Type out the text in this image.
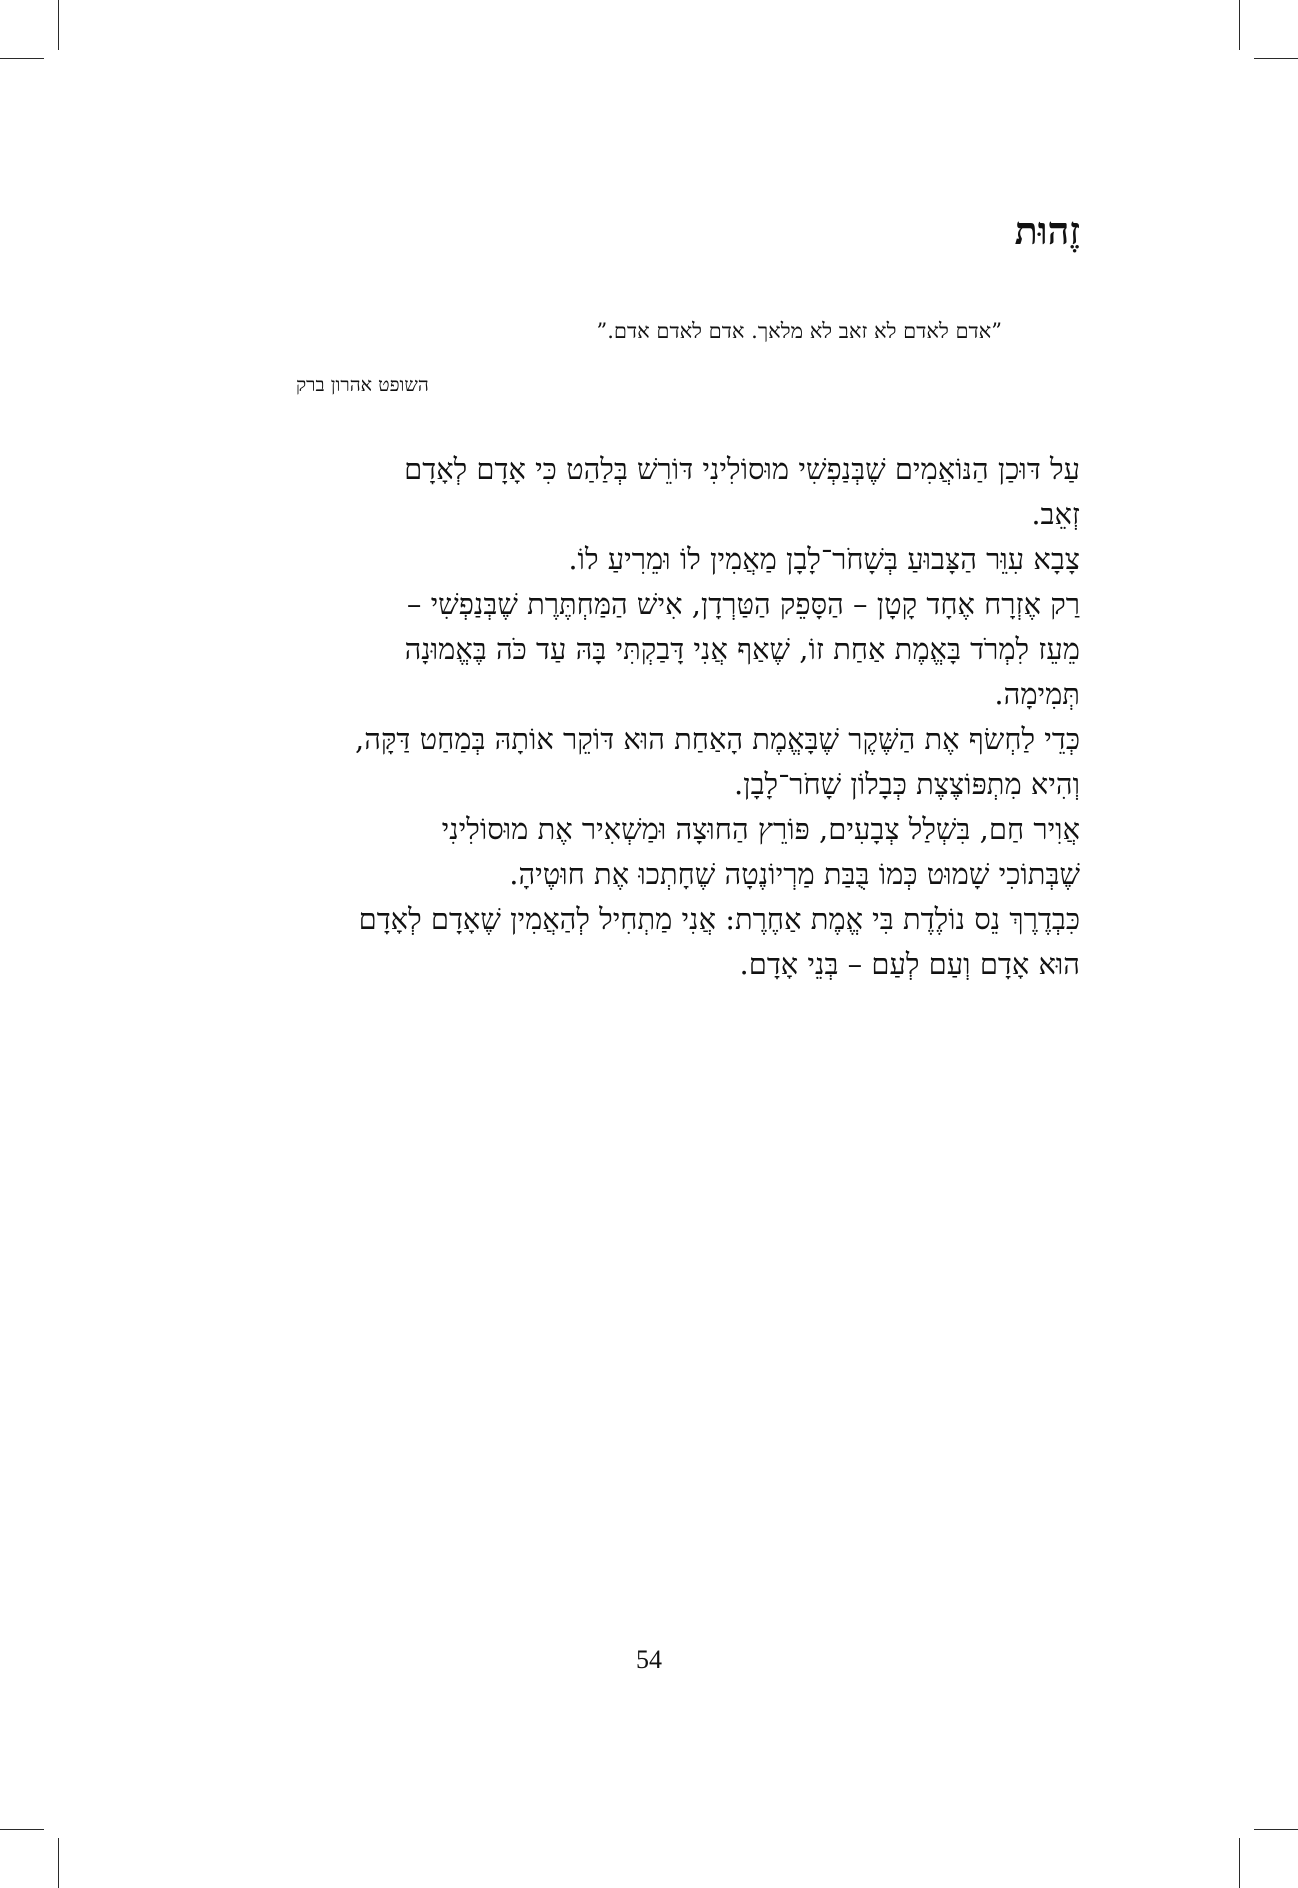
זֶהוּת
”אדם לאדם לא זאב לא מלאך. אדם לאדם אדם.”
השופט אהרון ברק
עַל דּוּכַן הַנּוֹאֲמִים שֶׁבְּנַפְשִׁי מוּסוֹלִינִי דּוֹרֵשׁ בְּלַהַט כִּי אָדָם לְאָדָם
זְאֵב.
צָבָא עִוֵּר הַצָּבוּעַ בְּשָׁחֹר־לָבָן מַאֲמִין לוֹ וּמֵרִיעַ לוֹ.
רַק אֶזְרָח אֶחָד קָטָן – הַסָּפֵק הַטַּרְדָן, אִישׁ הַמַּחְתֶּרֶת שֶׁבְּנַפְשִׁי –
מֵעֵז לִמְרֹד בָּאֱמֶת אַחַת זוֹ, שֶׁאַף אֲנִי דָּבַקְתִּי בָּהּ עַד כֹּה בֶּאֱמוּנָה
תְּמִימָה.
כְּדֵי לַחְשׂף אֶת הַשֶּׁקֶר שֶׁבָּאֱמֶת הָאַחַת הוּא דּוֹקֵר אוֹתָהּ בְּמַחַט דַּקָּה,
וְהִיא מִתְפּוֹצֶצֶת כְּבָלוֹן שָׁחֹר־לָבָן.
אֲוִיר חַם, בִּשְׁלַל צְבָעִים, פּוֹרֵץ הַחוּצָה וּמַשְׁאִיר אֶת מוּסוֹלִינִי
שֶׁבְּתוֹכִי שָׁמוּט כְּמוֹ בֻּבַּת מַרְיוֹנֶטָה שֶׁחָתְכוּ אֶת חוּטֶיהָ.
כִּבְדֶרֶךְ נֵס נוֹלֶדֶת בִּי אֱמֶת אַחֶרֶת: אֲנִי מַתְחִיל לְהַאֲמִין שֶׁאָדָם לְאָדָם
הוּא אָדָם וְעַם לְעַם – בְּנֵי אָדָם.
54
